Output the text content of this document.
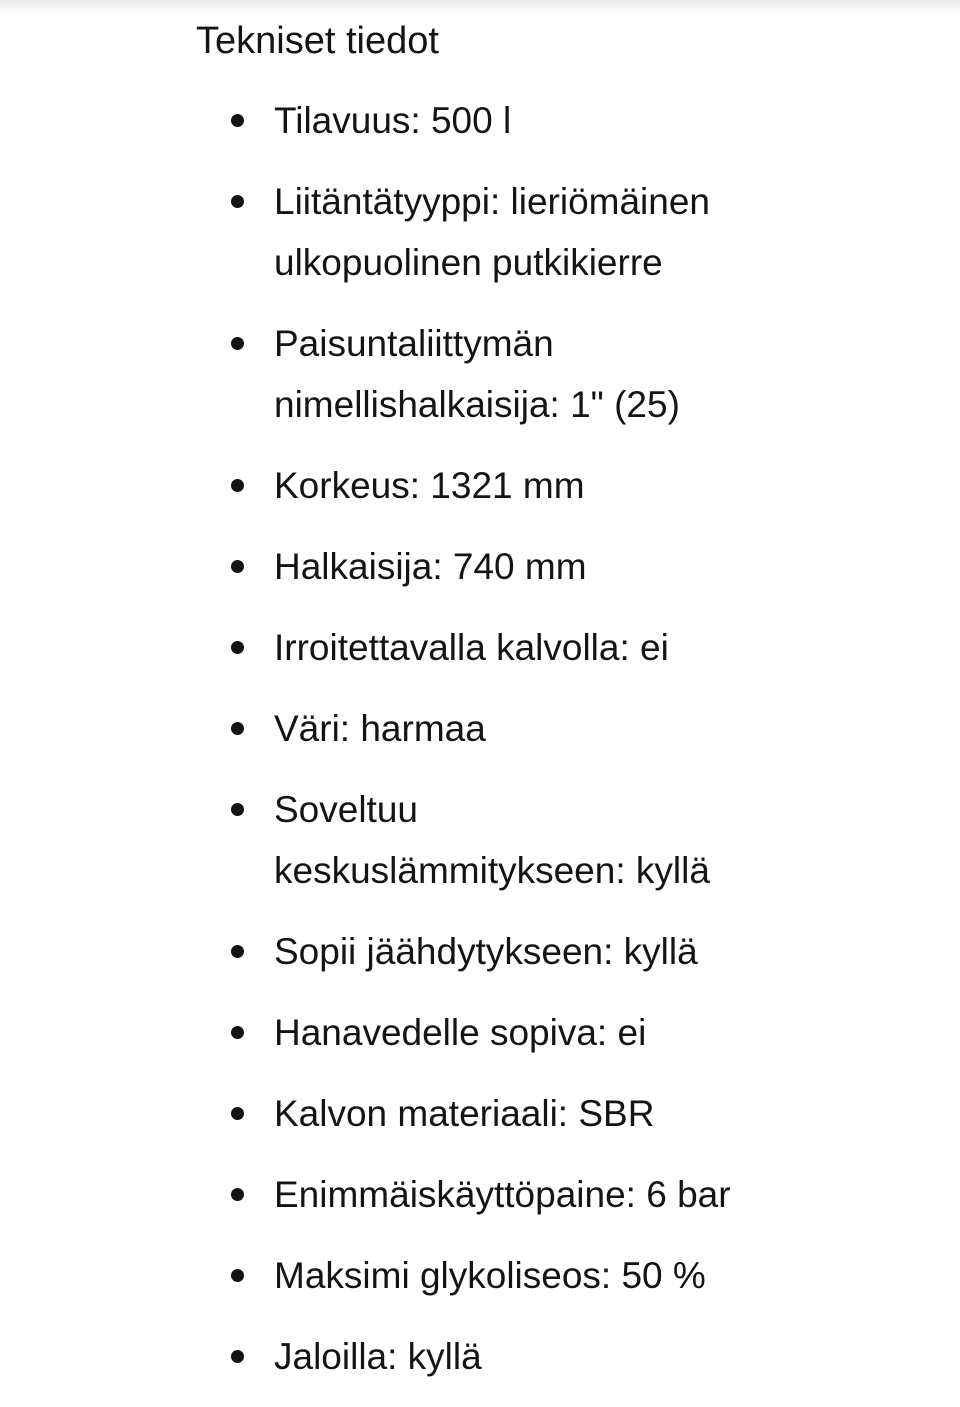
Tekniset tiedot
Tilavuus: 500 l
Liitäntätyyppi: lieriömäinen ulkopuolinen putkikierre
Paisuntaliittymän nimellishalkaisija: 1" (25)
Korkeus: 1321 mm
Halkaisija: 740 mm
Irroitettavalla kalvolla: ei
Väri: harmaa
Soveltuu keskuslämmitykseen: kyllä
Sopii jäähdytykseen: kyllä
Hanavedelle sopiva: ei
Kalvon materiaali: SBR
Enimmäiskäyttöpaine: 6 bar
Maksimi glykoliseos: 50 %
Jaloilla: kyllä
